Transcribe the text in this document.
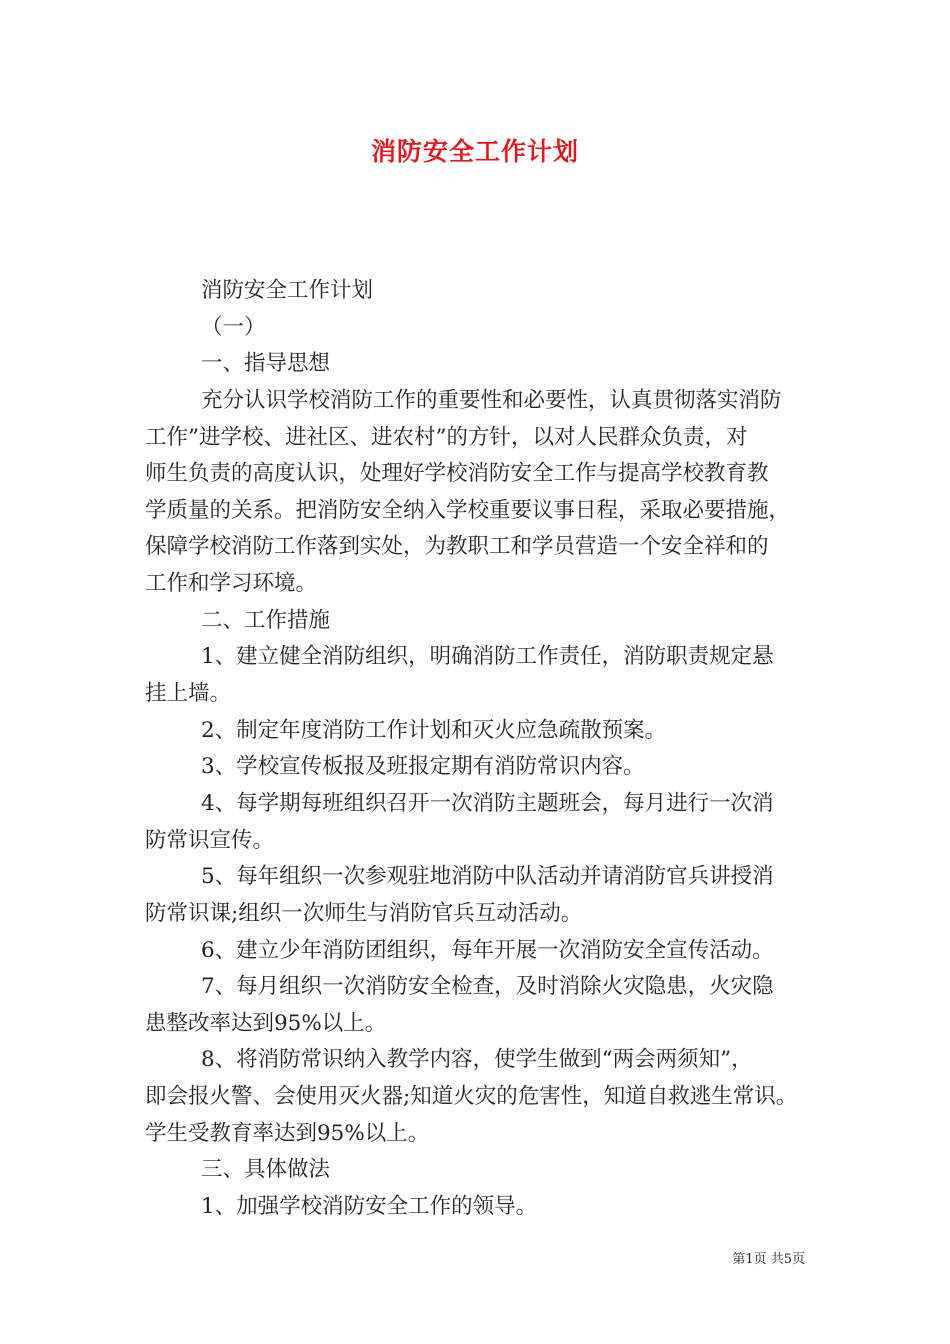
消防安全工作计划
消防安全工作计划
（一）
一、指导思想
充分认识学校消防工作的重要性和必要性，认真贯彻落实消防
工作”进学校、进社区、进农村”的方针，以对人民群众负责，对
师生负责的高度认识，处理好学校消防安全工作与提高学校教育教
学质量的关系。把消防安全纳入学校重要议事日程，采取必要措施，
保障学校消防工作落到实处，为教职工和学员营造一个安全祥和的
工作和学习环境。
二、工作措施
1、建立健全消防组织，明确消防工作责任，消防职责规定悬
挂上墙。
2、制定年度消防工作计划和灭火应急疏散预案。
3、学校宣传板报及班报定期有消防常识内容。
4、每学期每班组织召开一次消防主题班会，每月进行一次消
防常识宣传。
5、每年组织一次参观驻地消防中队活动并请消防官兵讲授消
防常识课;组织一次师生与消防官兵互动活动。
6、建立少年消防团组织，每年开展一次消防安全宣传活动。
7、每月组织一次消防安全检查，及时消除火灾隐患，火灾隐
患整改率达到95%以上。
8、将消防常识纳入教学内容，使学生做到“两会两须知”，
即会报火警、会使用灭火器;知道火灾的危害性，知道自救逃生常识。
学生受教育率达到95%以上。
三、具体做法
1、加强学校消防安全工作的领导。
第1页 共5页
